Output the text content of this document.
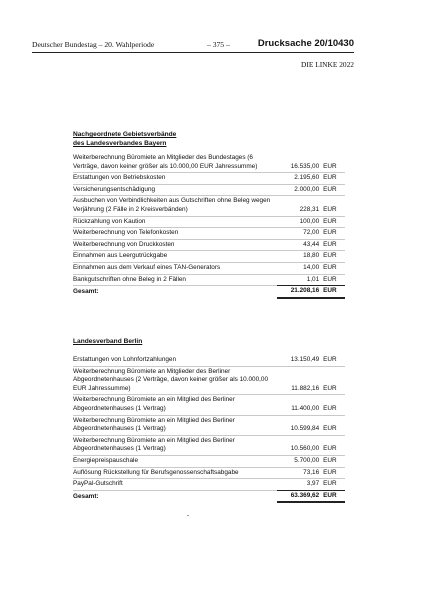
Deutscher Bundestag – 20. Wahlperiode	– 375 –	Drucksache 20/10430
DIE LINKE 2022
Nachgeordnete Gebietsverbände
des Landesverbandes Bayern
Weiterberechnung Büromiete an Mitglieder des Bundestages (6 Verträge, davon keiner größer als 10.000,00 EUR Jahressumme)	16.535,00	EUR
Erstattungen von Betriebskosten	2.195,60	EUR
Versicherungsentschädigung	2.000,00	EUR
Ausbuchen von Verbindlichkeiten aus Gutschriften ohne Beleg wegen Verjährung (2 Fälle in 2 Kreisverbänden)	228,31	EUR
Rückzahlung von Kaution	100,00	EUR
Weiterberechnung von Telefonkosten	72,00	EUR
Weiterberechnung von Druckkosten	43,44	EUR
Einnahmen aus Leergutrückgabe	18,80	EUR
Einnahmen aus dem Verkauf eines TAN-Generators	14,00	EUR
Bankgutschriften ohne Beleg in 2 Fällen	1,01	EUR
Gesamt:	21.208,16	EUR
Landesverband Berlin
Erstattungen von Lohnfortzahlungen	13.150,49	EUR
Weiterberechnung Büromiete an Mitglieder des Berliner Abgeordnetenhauses (2 Verträge, davon keiner größer als 10.000,00 EUR Jahressumme)	11.882,16	EUR
Weiterberechnung Büromiete an ein Mitglied des Berliner Abgeordnetenhauses (1 Vertrag)	11.400,00	EUR
Weiterberechnung Büromiete an ein Mitglied des Berliner Abgeordnetenhauses (1 Vertrag)	10.599,84	EUR
Weiterberechnung Büromiete an ein Mitglied des Berliner Abgeordnetenhauses (1 Vertrag)	10.560,00	EUR
Energiepreispauschale	5.700,00	EUR
Auflösung Rückstellung für Berufsgenossenschaftsabgabe	73,16	EUR
PayPal-Gutschrift	3,97	EUR
Gesamt:	63.369,62	EUR
